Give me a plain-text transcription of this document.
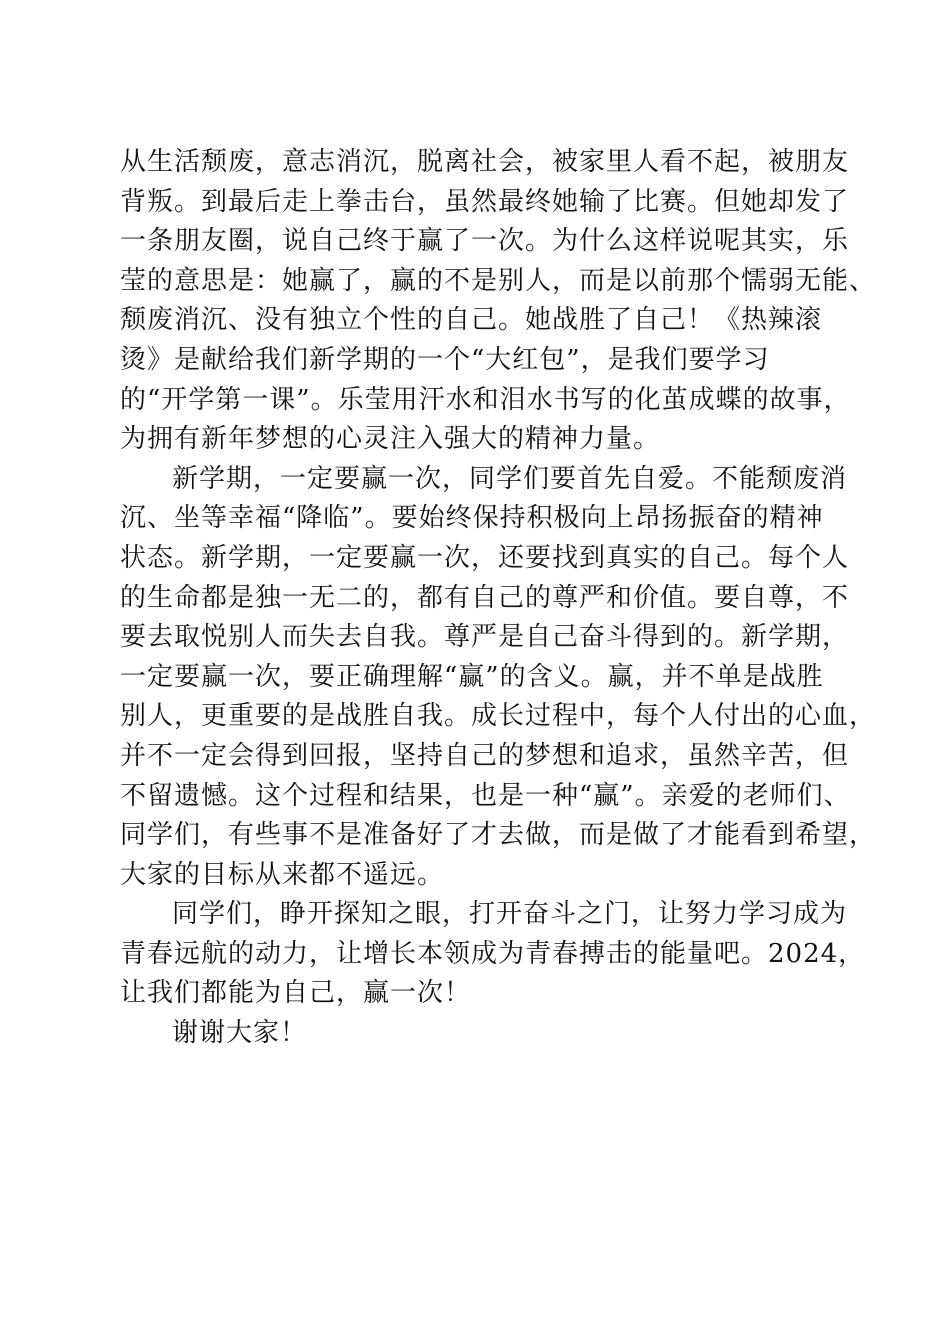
从生活颓废，意志消沉，脱离社会，被家里人看不起，被朋友
背叛。到最后走上拳击台，虽然最终她输了比赛。但她却发了
一条朋友圈，说自己终于赢了一次。为什么这样说呢其实，乐
莹的意思是：她赢了，赢的不是别人，而是以前那个懦弱无能、
颓废消沉、没有独立个性的自己。她战胜了自己！《热辣滚
烫》是献给我们新学期的一个“大红包”，是我们要学习
的“开学第一课”。乐莹用汗水和泪水书写的化茧成蝶的故事，
为拥有新年梦想的心灵注入强大的精神力量。
新学期，一定要赢一次，同学们要首先自爱。不能颓废消
沉、坐等幸福“降临”。要始终保持积极向上昂扬振奋的精神
状态。新学期，一定要赢一次，还要找到真实的自己。每个人
的生命都是独一无二的，都有自己的尊严和价值。要自尊，不
要去取悦别人而失去自我。尊严是自己奋斗得到的。新学期，
一定要赢一次，要正确理解“赢”的含义。赢，并不单是战胜
别人，更重要的是战胜自我。成长过程中，每个人付出的心血，
并不一定会得到回报，坚持自己的梦想和追求，虽然辛苦，但
不留遗憾。这个过程和结果，也是一种“赢”。亲爱的老师们、
同学们，有些事不是准备好了才去做，而是做了才能看到希望，
大家的目标从来都不遥远。
同学们，睁开探知之眼，打开奋斗之门，让努力学习成为
青春远航的动力，让增长本领成为青春搏击的能量吧。2024，
让我们都能为自己，赢一次！
谢谢大家！
